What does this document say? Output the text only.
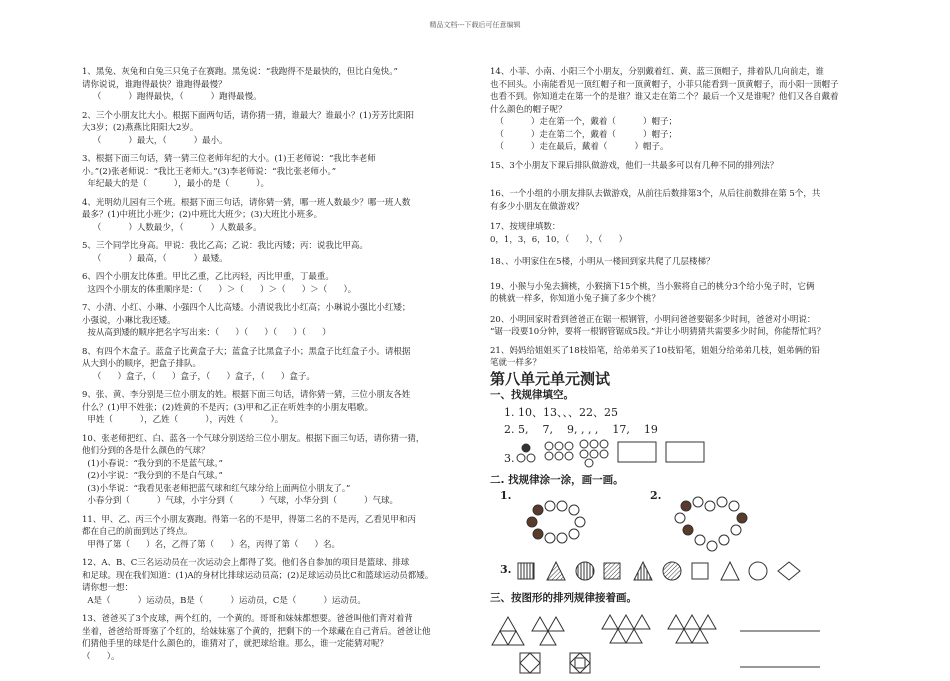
精品文档---下载后可任意编辑
1、黑兔、灰兔和白兔三只兔子在赛跑。黑兔说：“我跑得不是最快的，但比白兔快。”
请你说说，谁跑得最快？谁跑得最慢？
（          ）跑得最快，（          ）跑得最慢。
2、三个小朋友比大小。根据下面两句话，请你猜一猜，谁最大？谁最小？(1)芳芳比阳阳
大3岁；(2)燕燕比阳阳大2岁。
（          ）最大，（          ）最小。
3、根据下面三句话，猜一猜三位老师年纪的大小。(1)王老师说：“我比李老师
小。”(2)张老师说：“我比王老师大。”(3)李老师说：“我比张老师小。”
年纪最大的是（          ），最小的是（          ）。
4、光明幼儿园有三个班。根据下面三句话，请你猜一猜，哪一班人数最少？哪一班人数
最多？(1)中班比小班少；(2)中班比大班少；(3)大班比小班多。
（          ）人数最少，（          ）人数最多。
5、三个同学比身高。甲说：我比乙高；乙说：我比丙矮；丙：说我比甲高。
（          ）最高，（          ）最矮。
6、四个小朋友比体重。甲比乙重，乙比丙轻，丙比甲重，丁最重。
这四个小朋友的体重顺序是：（      ）＞（      ）＞（      ）＞（      ）。
7、小清、小红、小琳、小强四个人比高矮。小清说我比小红高；小琳说小强比小红矮；
小强说，小琳比我还矮。
按从高到矮的顺序把名字写出来：（      ）（      ）（      ）（      ）
8、有四个木盒子。蓝盒子比黄盒子大；蓝盒子比黑盒子小；黑盒子比红盒子小。请根据
从大到小的顺序，把盒子排队。
（      ）盒子，（      ）盒子，（      ）盒子，（      ）盒子。
9、张、黄、李分别是三位小朋友的姓。根据下面三句话，请你猜一猜，三位小朋友各姓
什么？(1)甲不姓张；(2)姓黄的不是丙；(3)甲和乙正在听姓李的小朋友唱歌。
甲姓（          ），乙姓（          ），丙姓（          ）。
10、张老师把红、白、蓝各一个气球分别送给三位小朋友。根据下面三句话，请你猜一猜，
他们分到的各是什么颜色的气球？
(1)小春说：“我分到的不是蓝气球。”
(2)小宇说：“我分到的不是白气球。”
(3)小华说：“我看见张老师把蓝气球和红气球分给上面两位小朋友了。”
小春分到（          ）气球，小宇分到（          ）气球，小华分到（          ）气球。
11、甲、乙、丙三个小朋友赛跑。得第一名的不是甲，得第二名的不是丙，乙看见甲和丙
都在自己的前面到达了终点。
甲得了第（      ）名，乙得了第（      ）名，丙得了第（      ）名。
12、A、B、C三名运动员在一次运动会上都得了奖。他们各自参加的项目是篮球、排球
和足球。现在我们知道：(1)A的身材比排球运动员高；(2)足球运动员比C和篮球运动员都矮。
请你想一想：
A是（          ）运动员，B是（          ）运动员，C是（          ）运动员。
13、爸爸买了3个皮球，两个红的，一个黄的。哥哥和妹妹都想要。爸爸叫他们背对着背
坐着，爸爸给哥哥塞了个红的，给妹妹塞了个黄的，把剩下的一个球藏在自己背后。爸爸让他
们猜他手里的球是什么颜色的，谁猜对了，就把球给谁。那么，谁一定能猜对呢？
（      ）。
14、小菲、小南、小阳三个小朋友，分别戴着红、黄、蓝三顶帽子，排着队几向前走，谁
也不回头。小南能看见一顶红帽子和一顶黄帽子，小菲只能看到一顶黄帽子，而小阳一顶帽子
也看不到。你知道走在第一个的是谁？谁又走在第二个？最后一个又是谁呢？他们又各自戴着
什么颜色的帽子呢？
（          ）走在第一个，戴着（          ）帽子；
（          ）走在第二个，戴着（          ）帽子；
（          ）走在最后，戴着（          ）帽子。
15、3个小朋友下课后排队做游戏，他们一共最多可以有几种不同的排列法？
16、一个小组的小朋友排队去做游戏，从前往后数排第3个，从后往前数排在第 5个，共
有多少小朋友在做游戏？
17、按规律填数：
0，1，3，6，10，（      ），（      ）
18、、小明家住在5楼，小明从一楼回到家共爬了几层楼梯？
19、小猴与小兔去摘桃，小猴摘下15个桃，当小猴将自己的桃分3个给小兔子时，它俩
的桃就一样多，你知道小兔子摘了多少个桃？
20、小明回家时看到爸爸正在锯一根钢管，小明问爸爸要锯多少时间，爸爸对小明说：
“锯一段要10分钟，要将一根钢管锯成5段。”并让小明猜猜共需要多少时间，你能帮忙吗？
21、妈妈给姐姐买了18枝铅笔，给弟弟买了10枝铅笔，姐姐分给弟弟几枝，姐弟俩的铅
笔就一样多？
第八单元单元测试
一、找规律填空。
1. 10、13、、、22、25
2. 5,    7,    9, , , ,    17,    19
3.
二. 找规律涂一涂，画一画。
1.	2.
3.
三、按图形的排列规律接着画。
